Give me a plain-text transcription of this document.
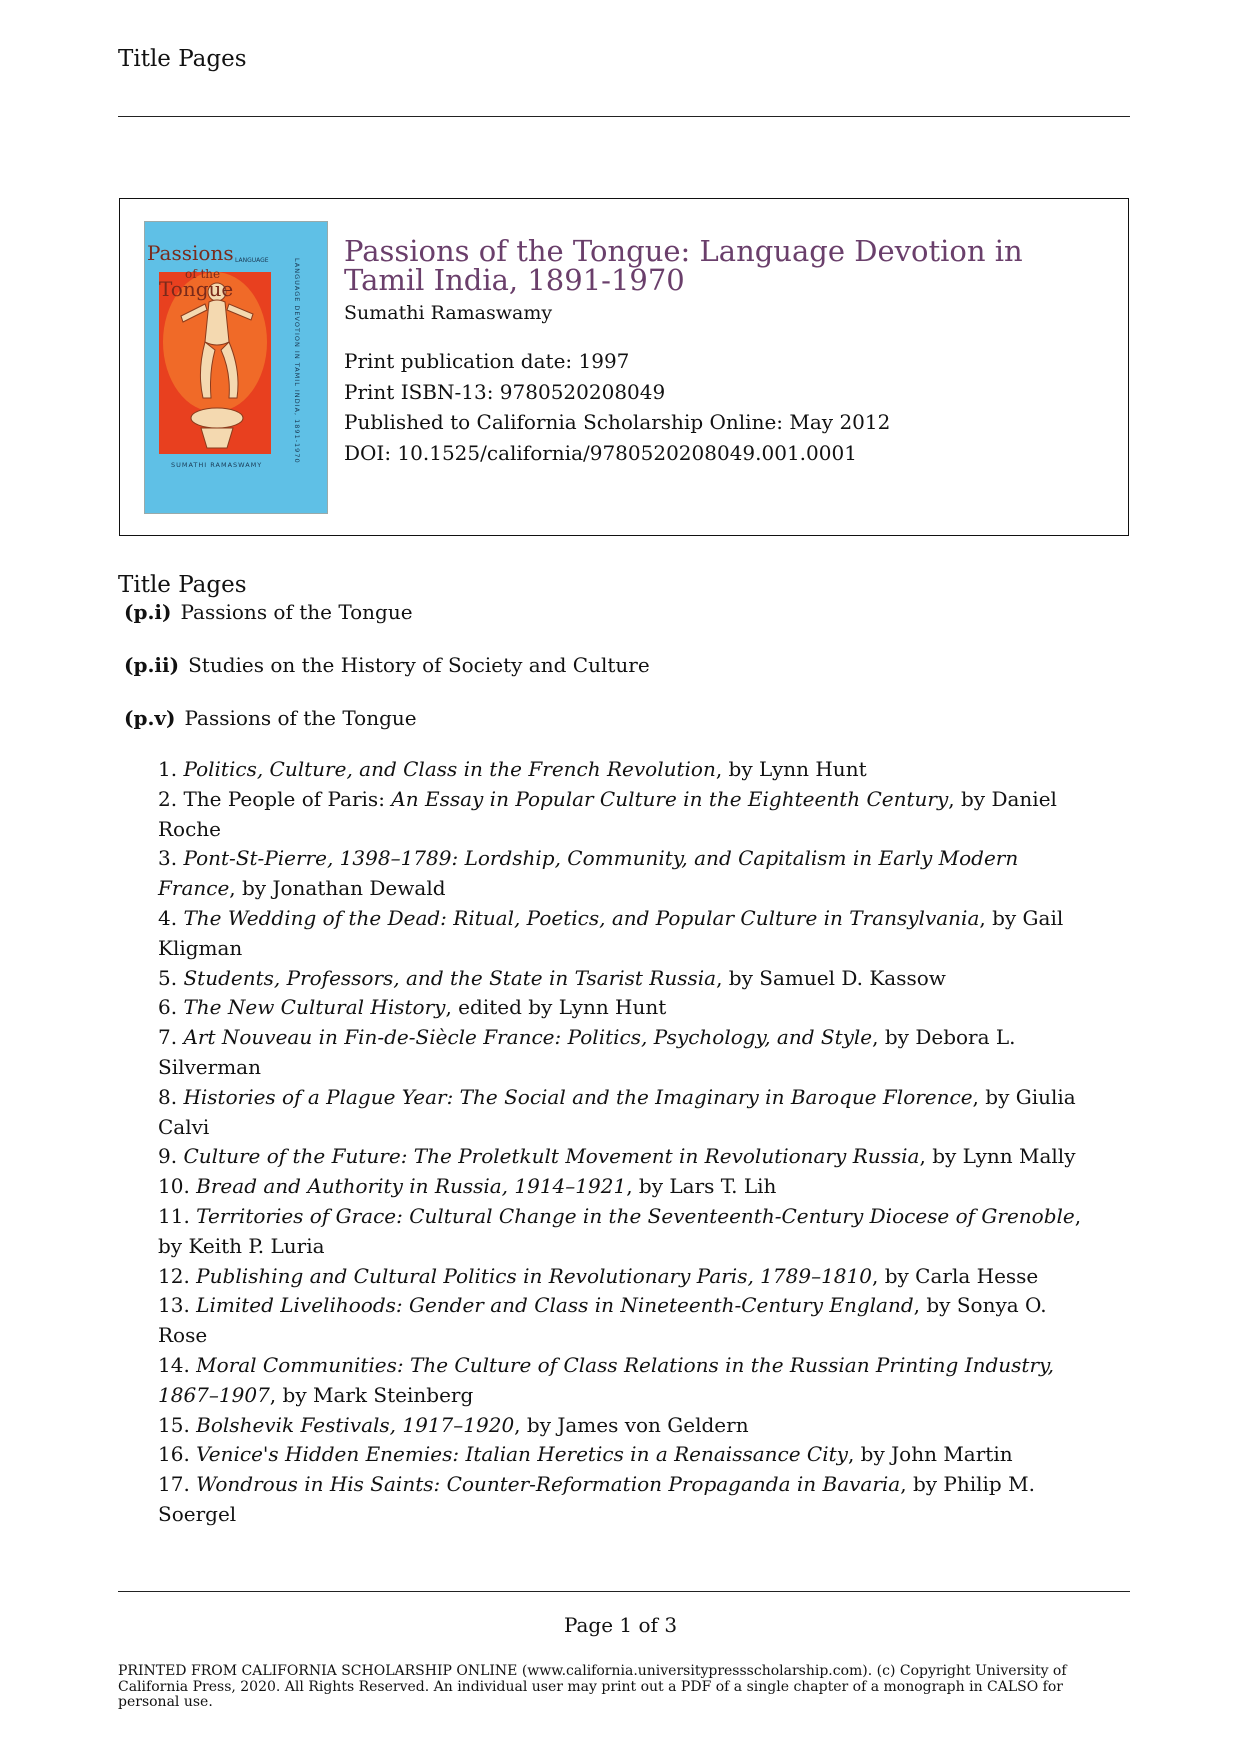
Title Pages
Passions
of the
Tongue
LANGUAGE	LANGUAGE DEVOTION IN TAMIL INDIA, 1891-1970
SUMATHI RAMASWAMY
Passions of the Tongue: Language Devotion in Tamil India, 1891-1970
Sumathi Ramaswamy
Print publication date: 1997
Print ISBN-13: 9780520208049
Published to California Scholarship Online: May 2012
DOI: 10.1525/california/9780520208049.001.0001
Title Pages
(p.i) Passions of the Tongue
(p.ii) Studies on the History of Society and Culture
(p.v) Passions of the Tongue
1. Politics, Culture, and Class in the French Revolution, by Lynn Hunt
2. The People of Paris: An Essay in Popular Culture in the Eighteenth Century, by Daniel Roche
3. Pont-St-Pierre, 1398–1789: Lordship, Community, and Capitalism in Early Modern France, by Jonathan Dewald
4. The Wedding of the Dead: Ritual, Poetics, and Popular Culture in Transylvania, by Gail Kligman
5. Students, Professors, and the State in Tsarist Russia, by Samuel D. Kassow
6. The New Cultural History, edited by Lynn Hunt
7. Art Nouveau in Fin-de-Siècle France: Politics, Psychology, and Style, by Debora L. Silverman
8. Histories of a Plague Year: The Social and the Imaginary in Baroque Florence, by Giulia Calvi
9. Culture of the Future: The Proletkult Movement in Revolutionary Russia, by Lynn Mally
10. Bread and Authority in Russia, 1914–1921, by Lars T. Lih
11. Territories of Grace: Cultural Change in the Seventeenth-Century Diocese of Grenoble, by Keith P. Luria
12. Publishing and Cultural Politics in Revolutionary Paris, 1789–1810, by Carla Hesse
13. Limited Livelihoods: Gender and Class in Nineteenth-Century England, by Sonya O. Rose
14. Moral Communities: The Culture of Class Relations in the Russian Printing Industry, 1867–1907, by Mark Steinberg
15. Bolshevik Festivals, 1917–1920, by James von Geldern
16. Venice's Hidden Enemies: Italian Heretics in a Renaissance City, by John Martin
17. Wondrous in His Saints: Counter-Reformation Propaganda in Bavaria, by Philip M. Soergel
Page 1 of 3
PRINTED FROM CALIFORNIA SCHOLARSHIP ONLINE (www.california.universitypressscholarship.com). (c) Copyright University of California Press, 2020. All Rights Reserved. An individual user may print out a PDF of a single chapter of a monograph in CALSO for personal use.
